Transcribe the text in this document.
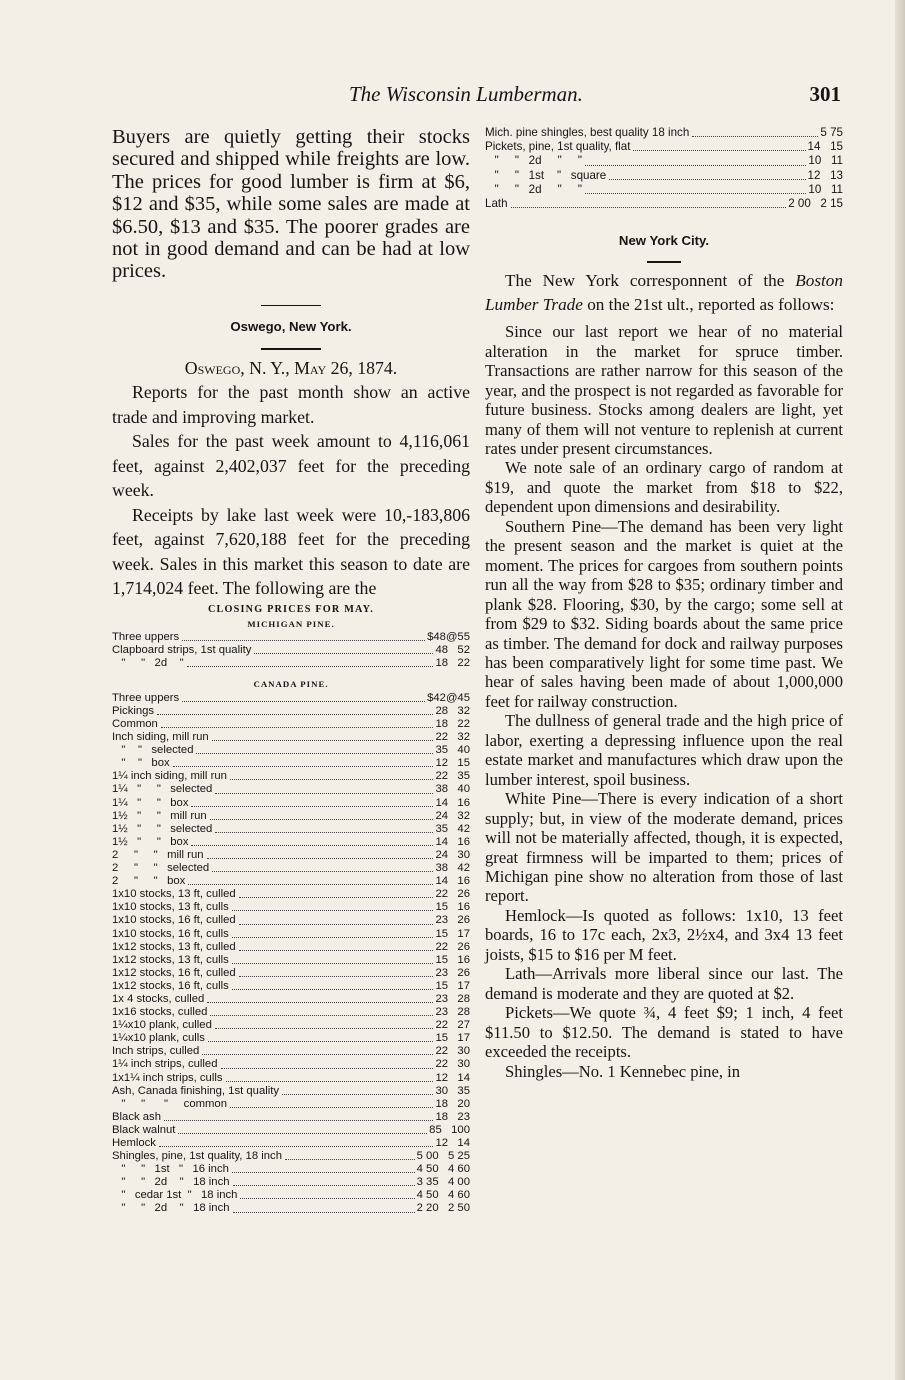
The Wisconsin Lumberman.	301

Buyers are quietly getting their stocks secured and shipped while freights are low. The prices for good lumber is firm at $6, $12 and $35, while some sales are made at $6.50, $13 and $35. The poorer grades are not in good demand and can be had at low prices.

Oswego, New York.
Oswego, N. Y., May 26, 1874.

Reports for the past month show an active trade and improving market.

Sales for the past week amount to 4,116,061 feet, against 2,402,037 feet for the preceding week.

Receipts by lake last week were 10,-183,806 feet, against 7,620,188 feet for the preceding week. Sales in this market this season to date are 1,714,024 feet. The following are the

CLOSING PRICES FOR MAY.
MICHIGAN PINE.
Three uppers	$48@55
Clapboard strips, 1st quality	48   52
"     "   2d    "	18   22
CANADA PINE.
Three uppers	$42@45
Pickings	28   32
Common	18   22
Inch siding, mill run	22   32
"    "   selected	35   40
"    "   box	12   15
1¼ inch siding, mill run	22   35
1¼   "     "   selected	38   40
1¼   "     "   box	14   16
1½   "     "   mill run	24   32
1½   "     "   selected	35   42
1½   "     "   box	14   16
2     "     "   mill run	24   30
2     "     "   selected	38   42
2     "     "   box	14   16
1x10 stocks, 13 ft, culled	22   26
1x10 stocks, 13 ft, culls	15   16
1x10 stocks, 16 ft, culled	23   26
1x10 stocks, 16 ft, culls	15   17
1x12 stocks, 13 ft, culled	22   26
1x12 stocks, 13 ft, culls	15   16
1x12 stocks, 16 ft, culled	23   26
1x12 stocks, 16 ft, culls	15   17
1x 4 stocks, culled	23   28
1x16 stocks, culled	23   28
1¼x10 plank, culled	22   27
1¼x10 plank, culls	15   17
Inch strips, culled	22   30
1¼ inch strips, culled	22   30
1x1¼ inch strips, culls	12   14
Ash, Canada finishing, 1st quality	30   35
"     "      "     common	18   20
Black ash	18   23
Black walnut	85   100
Hemlock	12   14
Shingles, pine, 1st quality, 18 inch	5 00   5 25
"     "   1st   "   16 inch	4 50   4 60
"     "   2d    "   18 inch	3 35   4 00
"   cedar 1st  "   18 inch	4 50   4 60
"     "   2d    "   18 inch	2 20   2 50
Mich. pine shingles, best quality 18 inch	5 75
Pickets, pine, 1st quality, flat	14   15
"     "   2d     "     "	10   11
"     "   1st    "   square	12   13
"     "   2d     "     "	10   11
Lath	2 00   2 15
New York City.

The New York corresponnent of the Boston Lumber Trade on the 21st ult., reported as follows:

Since our last report we hear of no material alteration in the market for spruce timber. Transactions are rather narrow for this season of the year, and the prospect is not regarded as favorable for future business. Stocks among dealers are light, yet many of them will not venture to replenish at current rates under present circumstances.

We note sale of an ordinary cargo of random at $19, and quote the market from $18 to $22, dependent upon dimensions and desirability.

Southern Pine—The demand has been very light the present season and the market is quiet at the moment. The prices for cargoes from southern points run all the way from $28 to $35; ordinary timber and plank $28. Flooring, $30, by the cargo; some sell at from $29 to $32. Siding boards about the same price as timber. The demand for dock and railway purposes has been comparatively light for some time past. We hear of sales having been made of about 1,000,000 feet for railway construction.

The dullness of general trade and the high price of labor, exerting a depressing influence upon the real estate market and manufactures which draw upon the lumber interest, spoil business.

White Pine—There is every indication of a short supply; but, in view of the moderate demand, prices will not be materially affected, though, it is expected, great firmness will be imparted to them; prices of Michigan pine show no alteration from those of last report.

Hemlock—Is quoted as follows: 1x10, 13 feet boards, 16 to 17c each, 2x3, 2½x4, and 3x4 13 feet joists, $15 to $16 per M feet.

Lath—Arrivals more liberal since our last. The demand is moderate and they are quoted at $2.

Pickets—We quote ¾, 4 feet $9; 1 inch, 4 feet $11.50 to $12.50. The demand is stated to have exceeded the receipts.

Shingles—No. 1 Kennebec pine, in
